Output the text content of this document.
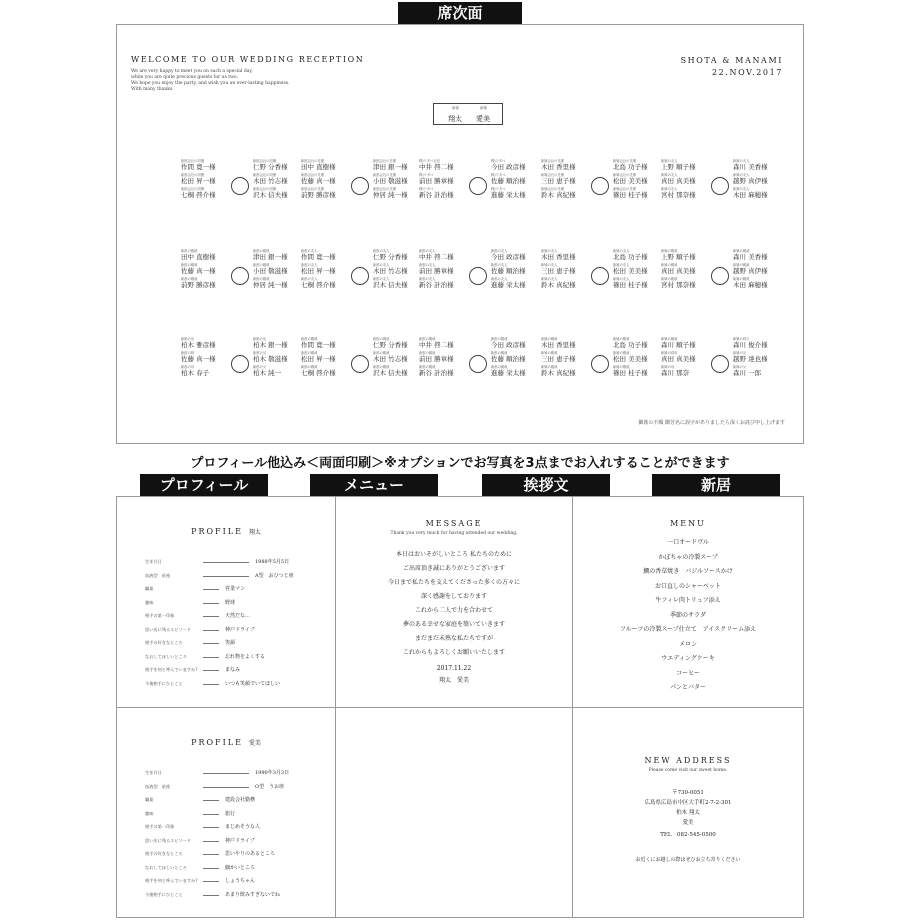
席次面
WELCOME TO OUR WEDDING RECEPTION
We are very happy to meet you on such a special day,
while you are quite precious guests for us two.
We hope you enjoy the party, and wish you an ever-lasting happiness.
With many thanks.
SHOTA & MANAMI
22.NOV.2017
新郎	新婦
翔太 愛美
新郎会社の同僚
作間 寛一様
新郎会社の同僚
仁野 分香様
新郎会社の同僚
松田 昇一様
新郎会社の同僚
木田 竹志様
新郎会社の同僚
七桐 啓介様
新郎会社の同僚
沢木 信夫様
新郎会社の先輩
田中 直樹様
新郎会社の先輩
津田 銀一様
新郎会社の先輩
佐藤 真一様
新郎会社の先輩
小田 敬滋様
新郎会社の先輩
前野 勝彦様
新郎会社の先輩
仲居 純一様
株)ワタベ社長
中井 啓二様
株)ワタベ
今田 政彦様
株)ワタベ
前田 勝章様
株)ワタベ
佐藤 順治様
株)ワタベ
新谷 計治様
株)ワタベ
進藤 栄太様
新婦会社の先輩
木田 香里様
新婦会社の先輩
北島 功子様
新婦会社の先輩
三田 恵子様
新婦会社の先輩
松田 美美様
新婦会社の先輩
鈴木 真紀様
新婦会社の先輩
篠田 桂子様
新婦の友人
上野 順子様
新婦の友人
森川 美香様
新婦の友人
真田 真美様
新婦の友人
越野 真伊様
新婦の友人
宮村 那奈様
新婦の友人
木田 麻穂様
新郎の親戚
田中 直樹様
新郎の親戚
津田 銀一様
新郎の親戚
佐藤 真一様
新郎の親戚
小田 敬滋様
新郎の親戚
前野 勝彦様
新郎の親戚
仲居 純一様
新郎の友人
作間 寛一様
新郎の友人
仁野 分香様
新郎の友人
松田 昇一様
新郎の友人
木田 竹志様
新郎の友人
七桐 啓介様
新郎の友人
沢木 信夫様
新郎の友人
中井 啓二様
新郎の友人
今田 政彦様
新郎の友人
前田 勝章様
新郎の友人
佐藤 順治様
新郎の友人
新谷 計治様
新郎の友人
進藤 栄太様
新婦の友人
木田 香里様
新婦の友人
北島 功子様
新婦の友人
三田 恵子様
新婦の友人
松田 美美様
新婦の友人
鈴木 真紀様
新婦の友人
篠田 桂子様
新婦の親戚
上野 順子様
新婦の親戚
森川 美香様
新婦の親戚
真田 真美様
新婦の親戚
越野 真伊様
新婦の親戚
宮村 那奈様
新婦の親戚
木田 麻穂様
新郎の兄
柏木 雅彦様
新郎の兄
柏木 銀一様
新郎の姉
佐藤 真一様
新郎の兄
柏木 敬滋様
新郎の母
柏木 春子
新郎の父
柏木 純一
新郎の親戚
作間 寛一様
新郎の親戚
仁野 分香様
新郎の親戚
松田 昇一様
新郎の親戚
木田 竹志様
新郎の親戚
七桐 啓介様
新郎の親戚
沢木 信夫様
新郎の親戚
中井 啓二様
新郎の親戚
今田 政彦様
新郎の親戚
前田 勝章様
新郎の親戚
佐藤 順治様
新郎の親戚
新谷 計治様
新郎の親戚
進藤 栄太様
新婦の親戚
木田 香里様
新婦の親戚
北島 功子様
新婦の親戚
三田 恵子様
新婦の親戚
松田 美美様
新婦の親戚
鈴木 真紀様
新婦の親戚
篠田 桂子様
新婦の親戚
森川 順子様
新婦の叔父
森川 俊介様
新婦の叔母
真田 真美様
新婦の兄
越野 達也様
新婦の母
森川 那奈
新婦の父
森川 一郎
御席の不順 御芳名に誤字がありましたら深くお詫び申し上げます
プロフィール他込み＜両面印刷＞※オプションでお写真を3点までお入れすることができます
プロフィール	メニュー	挨拶文	新居
PROFILE 翔太
生年月日	1988年5月5日
血液型　星座	A型　おひつじ座
職業	営業マン
趣味	野球
相手の第一印象	天然だな…
思い出に残るエピソード	神戸ドライブ
相手の好きなところ	笑顔
なおしてほしいところ	忘れ物をよくする
相手を何と呼んでいますか?	まなみ
今後相手にひとこと	いつも笑顔でいてほしい
MESSAGE
Thank you very much for having attended our wedding.
本日はおいそがしいところ 私たちのために
ご出席頂き誠にありがとうございます
今日まで私たちを支えてくださった多くの方々に
深く感謝をしております
これから二人で力を合わせて
夢のある幸せな家庭を築いていきます
まだまだ未熟な私たちですが
これからもよろしくお願いいたします
2017.11.22
翔太　愛美
MENU
一口オードヴル
かぼちゃの冷製スープ
鯛の香草焼き　バジルソースかけ
お口直しのシャーベット
牛フィレ肉トリュフ添え
季節のサラダ
フルーツの冷製スープ仕立て　アイスクリーム添え
メロン
ウエディングケーキ
コーヒー
パンとバター
PROFILE 愛美
生年月日	1990年3月3日
血液型　星座	O型　うお座
職業	建設会社勤務
趣味	旅行
相手の第一印象	まじめそうな人
思い出に残るエピソード	神戸ドライブ
相手の好きなところ	思いやりのあるところ
なおしてほしいところ	細かいところ
相手を何と呼んでいますか?	しょうちゃん
今後相手にひとこと	あまり飲みすぎないでね
NEW ADDRESS
Please come visit our sweet home.
〒730-0051
広島県広島市中区大手町2-7-2-301
柏木 翔太
愛美
TEL　082-545-0500
お近くにお越しの際はぜひお立ち寄りください
